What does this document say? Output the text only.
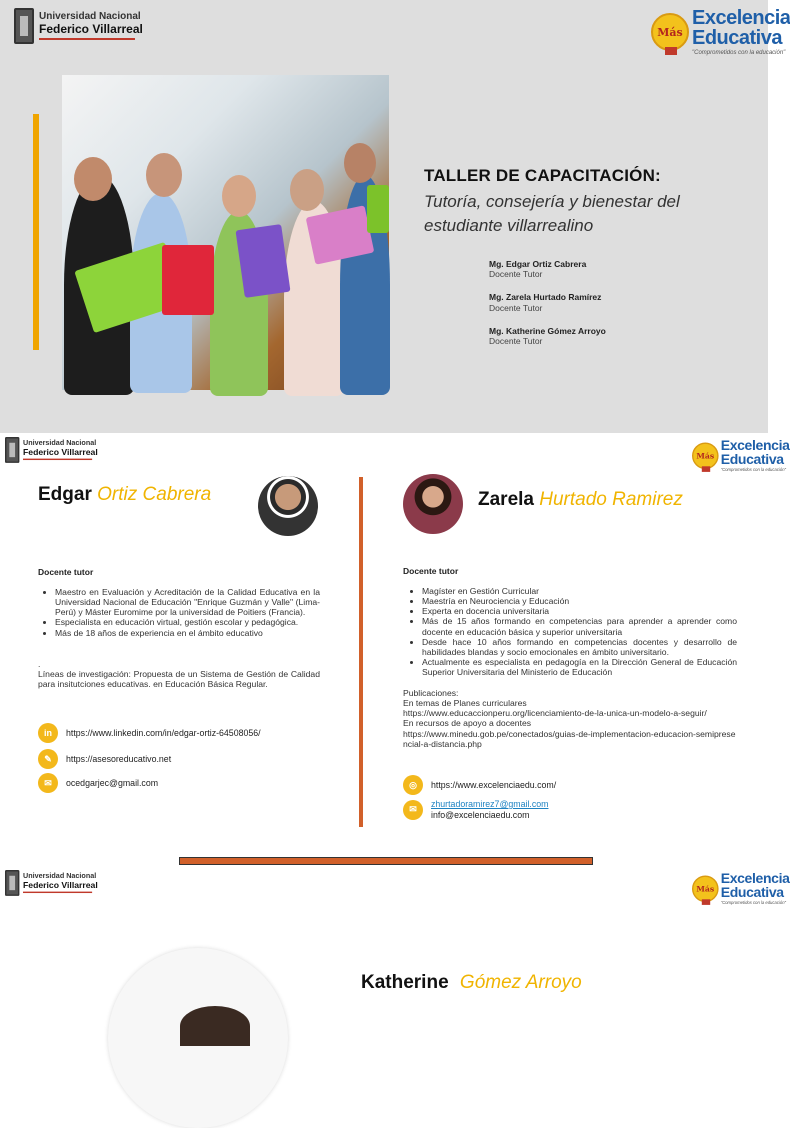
Universidad Nacional
Federico Villarreal	Más
Excelencia
Educativa
"Comprometidos con la educación"
TALLER DE CAPACITACIÓN:
Tutoría, consejería y bienestar del estudiante villarrealino
Mg. Edgar Ortiz Cabrera
Docente Tutor
Mg. Zarela Hurtado Ramírez
Docente Tutor
Mg. Katherine Gómez Arroyo
Docente Tutor
Universidad Nacional
Federico Villarreal	Más
Excelencia
Educativa
"Comprometidos con la educación"
Edgar Ortiz Cabrera
Docente tutor
• Maestro en Evaluación y Acreditación de la Calidad Educativa en la Universidad Nacional de Educación "Enrique Guzmán y Valle" (Lima-Perú) y Máster Euromime por la universidad de Poitiers (Francia).
• Especialista en educación virtual, gestión escolar y pedagógica.
• Más de 18 años de experiencia en el ámbito educativo
.
Líneas de investigación: Propuesta de un Sistema de Gestión de Calidad para insitutciones educativas. en Educación Básica Regular.
in	https://www.linkedin.com/in/edgar-ortiz-64508056/
✎	https://asesoreducativo.net
✉	ocedgarjec@gmail.com
Zarela Hurtado Ramirez
Docente tutor
• Magíster en Gestión Curricular
• Maestría en Neurociencia y Educación
• Experta en docencia universitaria
• Más de 15 años formando en competencias para aprender a aprender como docente en educación básica y superior universitaria
• Desde hace 10 años formando en competencias docentes y desarrollo de habilidades blandas y socio emocionales en ámbito universitario.
• Actualmente es especialista en pedagogía en la Dirección General de Educación Superior Universitaria del Ministerio de Educación

Publicaciones:

En temas de Planes curriculares

https://www.educaccionperu.org/licenciamiento-de-la-unica-un-modelo-a-seguir/

En recursos de apoyo a docentes

https://www.minedu.gob.pe/conectados/guias-de-implementacion-educacion-semipresencial-a-distancia.php

◎	https://www.excelenciaedu.com/
✉
zhurtadoramirez7@gmail.com
info@excelenciaedu.com
Universidad Nacional
Federico Villarreal	Más
Excelencia
Educativa
"Comprometidos con la educación"
Katherine Gómez Arroyo
